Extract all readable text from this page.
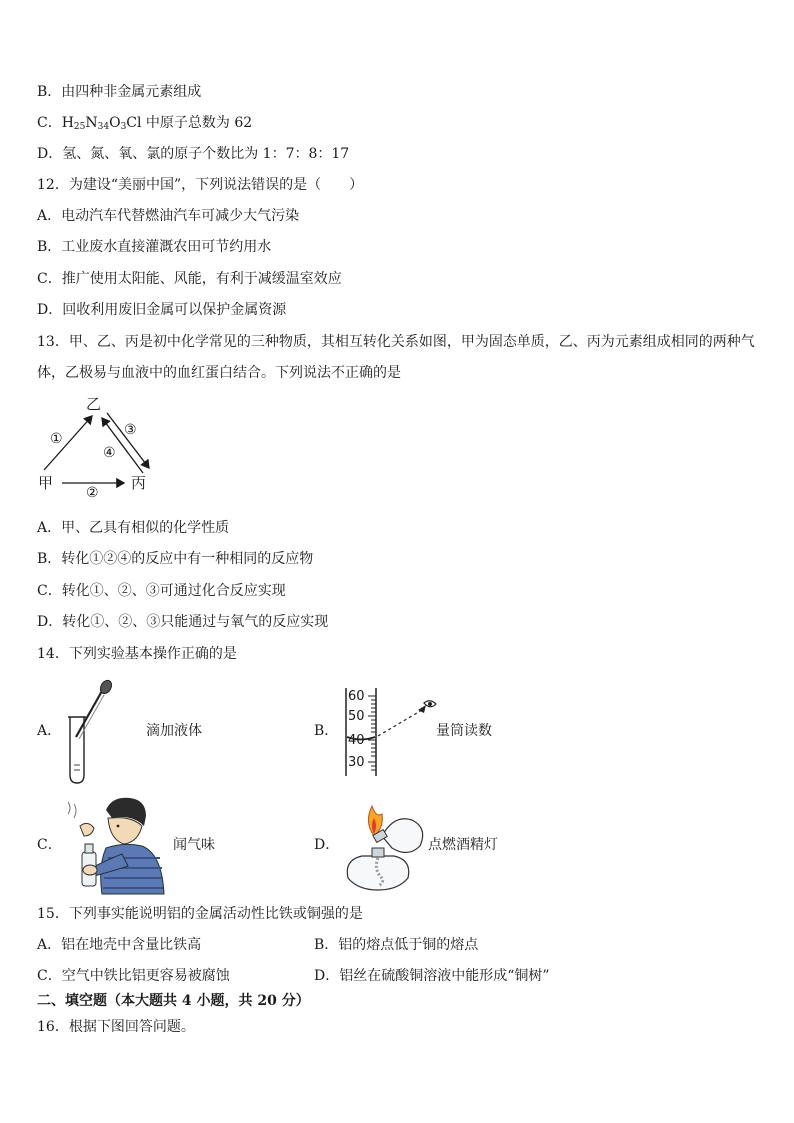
B．由四种非金属元素组成
C．$H_{25}N_{34}O_3Cl$ 中原子总数为 62
D．氢、氮、氧、氯的原子个数比为 1：7：8：17
12．为建设“美丽中国”，下列说法错误的是（　　）
A．电动汽车代替燃油汽车可减少大气污染
B．工业废水直接灌溉农田可节约用水
C．推广使用太阳能、风能，有利于减缓温室效应
D．回收利用废旧金属可以保护金属资源
13．甲、乙、丙是初中化学常见的三种物质，其相互转化关系如图，甲为固态单质，乙、丙为元素组成相同的两种气
体，乙极易与血液中的血红蛋白结合。下列说法不正确的是
乙
甲	丙
①
②
③
④
A．甲、乙具有相似的化学性质
B．转化①②④的反应中有一种相同的反应物
C．转化①、②、③可通过化合反应实现
D．转化①、②、③只能通过与氧气的反应实现
14．下列实验基本操作正确的是
A．	滴加液体	B．
60
50
40
30
量筒读数
C．	闻气味	D．	点燃酒精灯
15．下列事实能说明铝的金属活动性比铁或铜强的是
A．铝在地壳中含量比铁高	B．铝的熔点低于铜的熔点
C．空气中铁比铝更容易被腐蚀	D．铝丝在硫酸铜溶液中能形成“铜树”
二、填空题（本大题共 4 小题，共 20 分）
16．根据下图回答问题。
